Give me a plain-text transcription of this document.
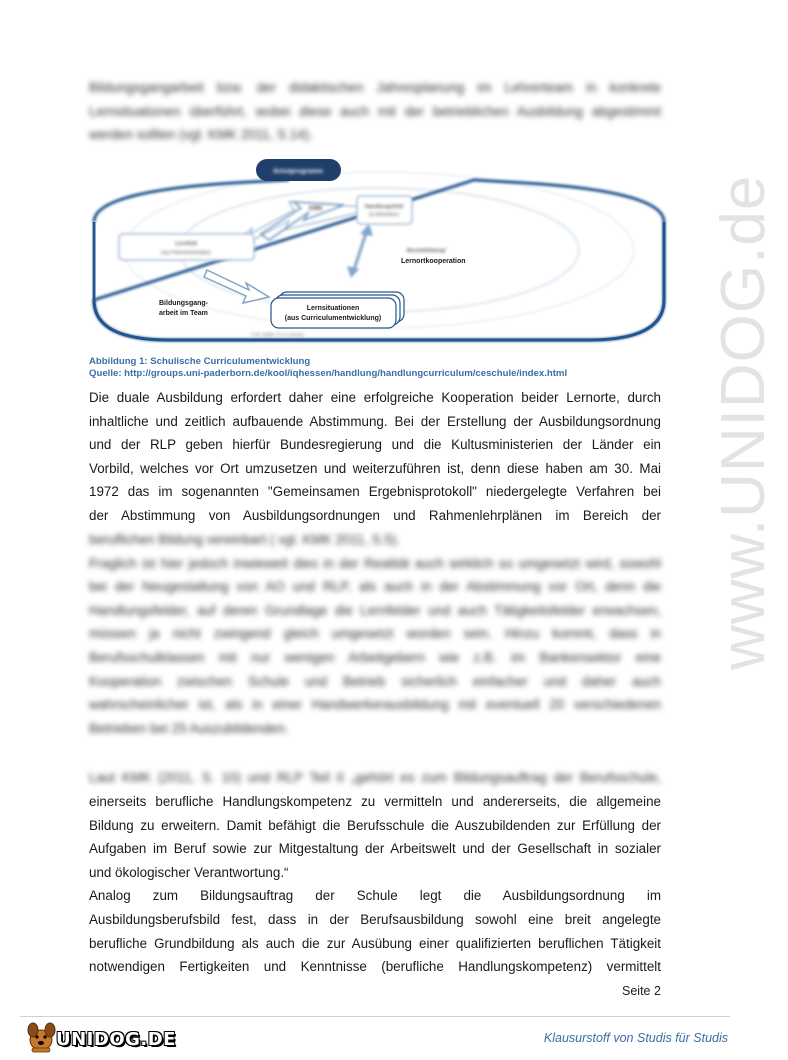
Bildungsgangarbeit bzw. der didaktischen Jahresplanung im Lehrerteam in konkrete
Lernsituationen überführt, wobei diese auch mit der betrieblichen Ausbildung abgestimmt
werden sollten (vgl. KMK 2011, S.14).
Schulprogramm
KMK	Handlungsfeld
(in Betrieben)
Lernfeld
(aus Rahmenlehrplan)	Berufsbildung/
Lernortkooperation
Bildungsgang-
arbeit im Team
Lernsituationen
(aus Curriculumentwicklung)
© M. Gekle / H.-H. Kremer
Abbildung 1: Schulische Curriculumentwicklung
Quelle: http://groups.uni-paderborn.de/kool/iqhessen/handlung/handlungcurriculum/ceschule/index.html
Die duale Ausbildung erfordert daher eine erfolgreiche Kooperation beider Lernorte, durch
inhaltliche und zeitlich aufbauende Abstimmung. Bei der Erstellung der Ausbildungsordnung
und der RLP geben hierfür Bundesregierung und die Kultusministerien der Länder ein
Vorbild, welches vor Ort umzusetzen und weiterzuführen ist, denn diese haben am 30. Mai
1972 das im sogenannten "Gemeinsamen Ergebnisprotokoll" niedergelegte Verfahren bei
der Abstimmung von Ausbildungsordnungen und Rahmenlehrplänen im Bereich der
beruflichen Bildung vereinbart ( vgl. KMK 2011, S.5).
Fraglich ist hier jedoch inwieweit dies in der Realität auch wirklich so umgesetzt wird, sowohl
bei der Neugestaltung von AO und RLP, als auch in der Abstimmung vor Ort, denn die
Handlungsfelder, auf deren Grundlage die Lernfelder und auch Tätigkeitsfelder erwachsen,
müssen ja nicht zwingend gleich umgesetzt worden sein. Hinzu kommt, dass in
Berufsschulklassen mit nur wenigen Arbeitgebern wie z.B. im Bankensektor eine
Kooperation zwischen Schule und Betrieb sicherlich einfacher und daher auch
wahrscheinlicher ist, als in einer Handwerkerausbildung mit eventuell 20 verschiedenen
Betrieben bei 25 Auszubildenden.
Laut KMK (2011, S. 10) und RLP Teil II „gehört es zum Bildungsauftrag der Berufsschule,
einerseits berufliche Handlungskompetenz zu vermitteln und andererseits, die allgemeine
Bildung zu erweitern. Damit befähigt die Berufsschule die Auszubildenden zur Erfüllung der
Aufgaben im Beruf sowie zur Mitgestaltung der Arbeitswelt und der Gesellschaft in sozialer
und ökologischer Verantwortung.“
Analog zum Bildungsauftrag der Schule legt die Ausbildungsordnung im
Ausbildungsberufsbild fest, dass in der Berufsausbildung sowohl eine breit angelegte
berufliche Grundbildung als auch die zur Ausübung einer qualifizierten beruflichen Tätigkeit
notwendigen Fertigkeiten und Kenntnisse (berufliche Handlungskompetenz) vermittelt
www.UNIDOG.de
Seite 2
UNIDOG.DE	Klausurstoff von Studis für Studis
